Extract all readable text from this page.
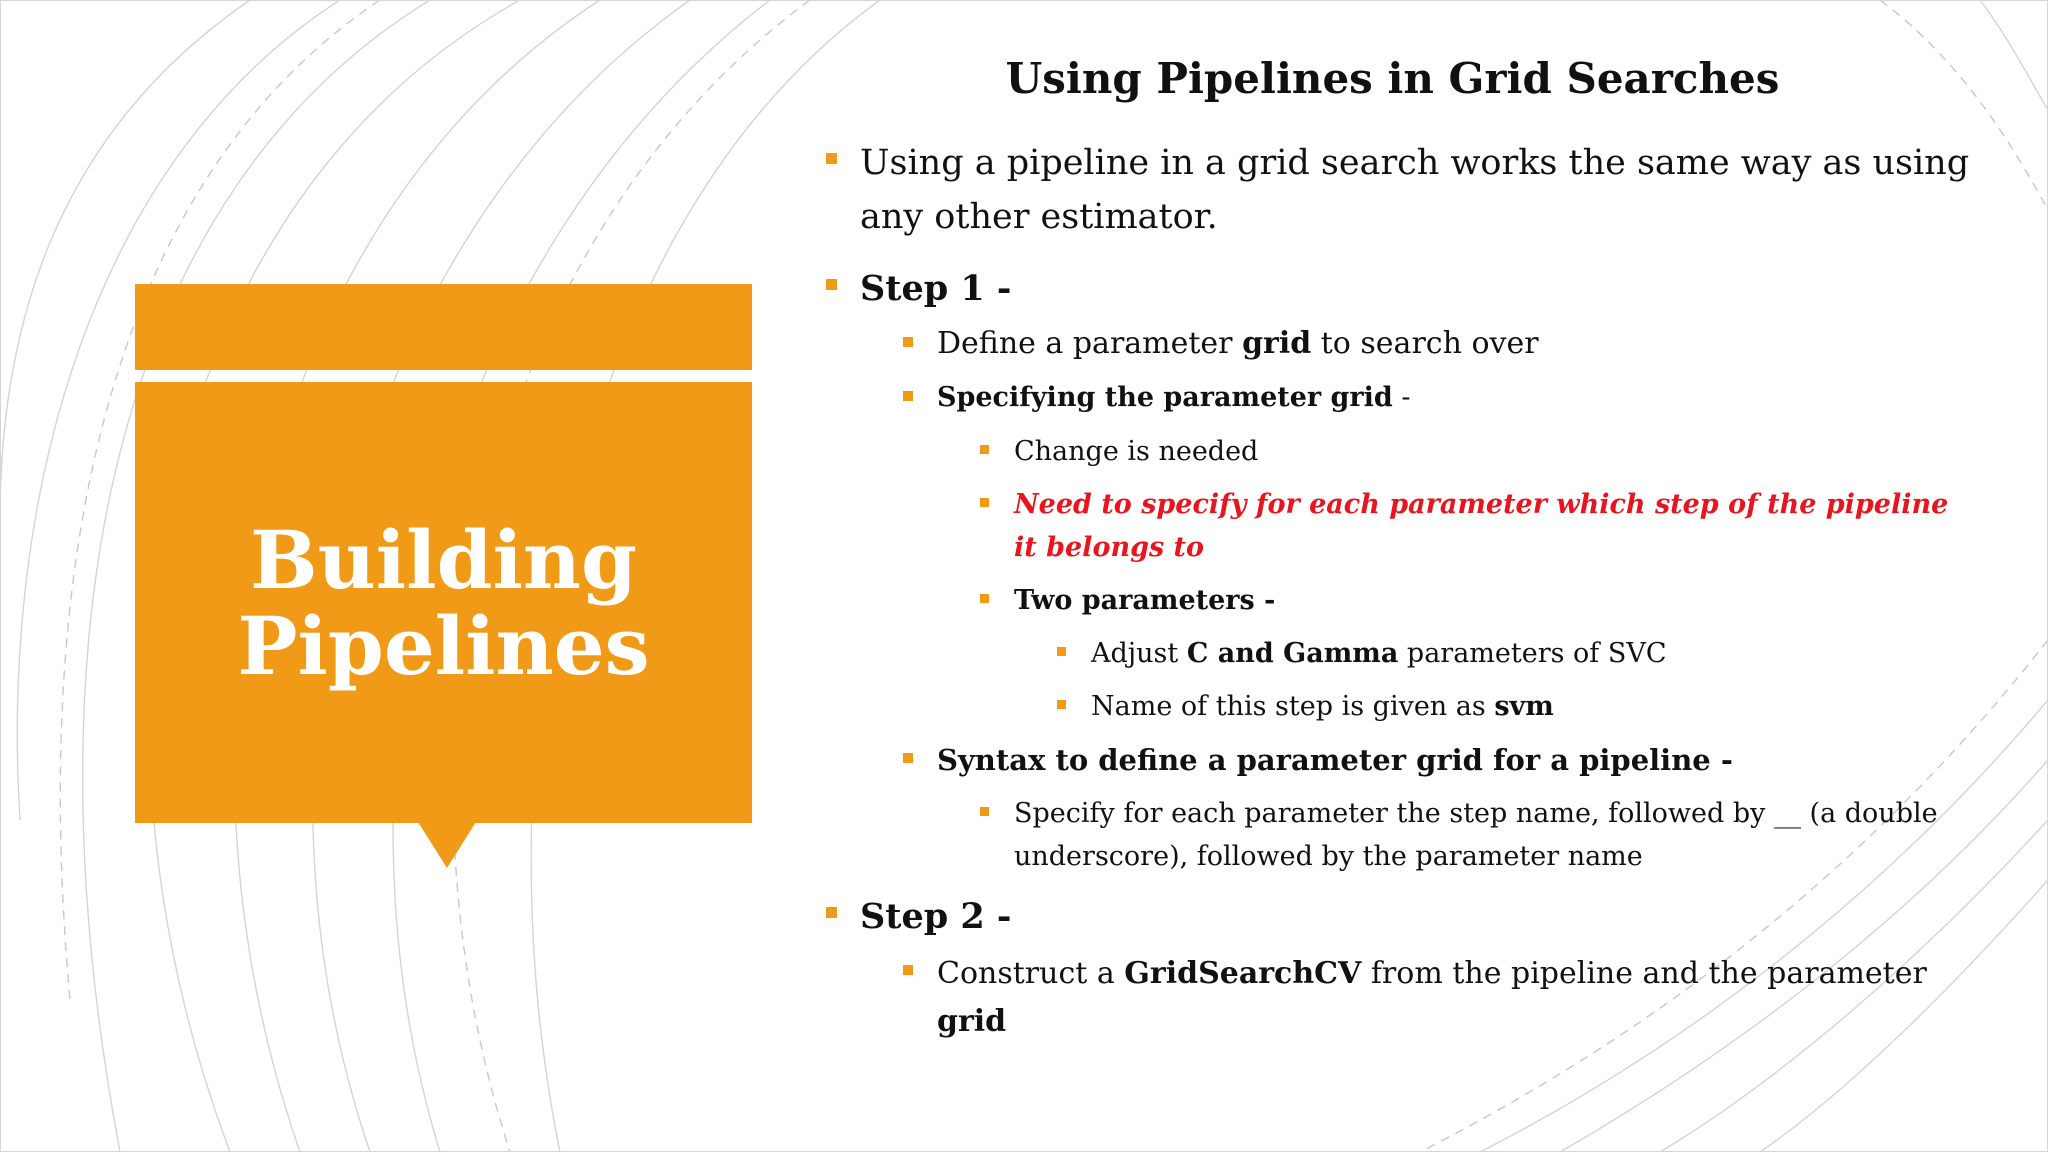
Building
Pipelines
Using Pipelines in Grid Searches
Using a pipeline in a grid search works the same way as using any other estimator.
Step 1 -
Define a parameter grid to search over
Specifying the parameter grid -
Change is needed
Need to specify for each parameter which step of the pipeline it belongs to
Two parameters -
Adjust C and Gamma parameters of SVC
Name of this step is given as svm
Syntax to define a parameter grid for a pipeline -
Specify for each parameter the step name, followed by __ (a double underscore), followed by the parameter name
Step 2 -
Construct a GridSearchCV from the pipeline and the parameter grid
